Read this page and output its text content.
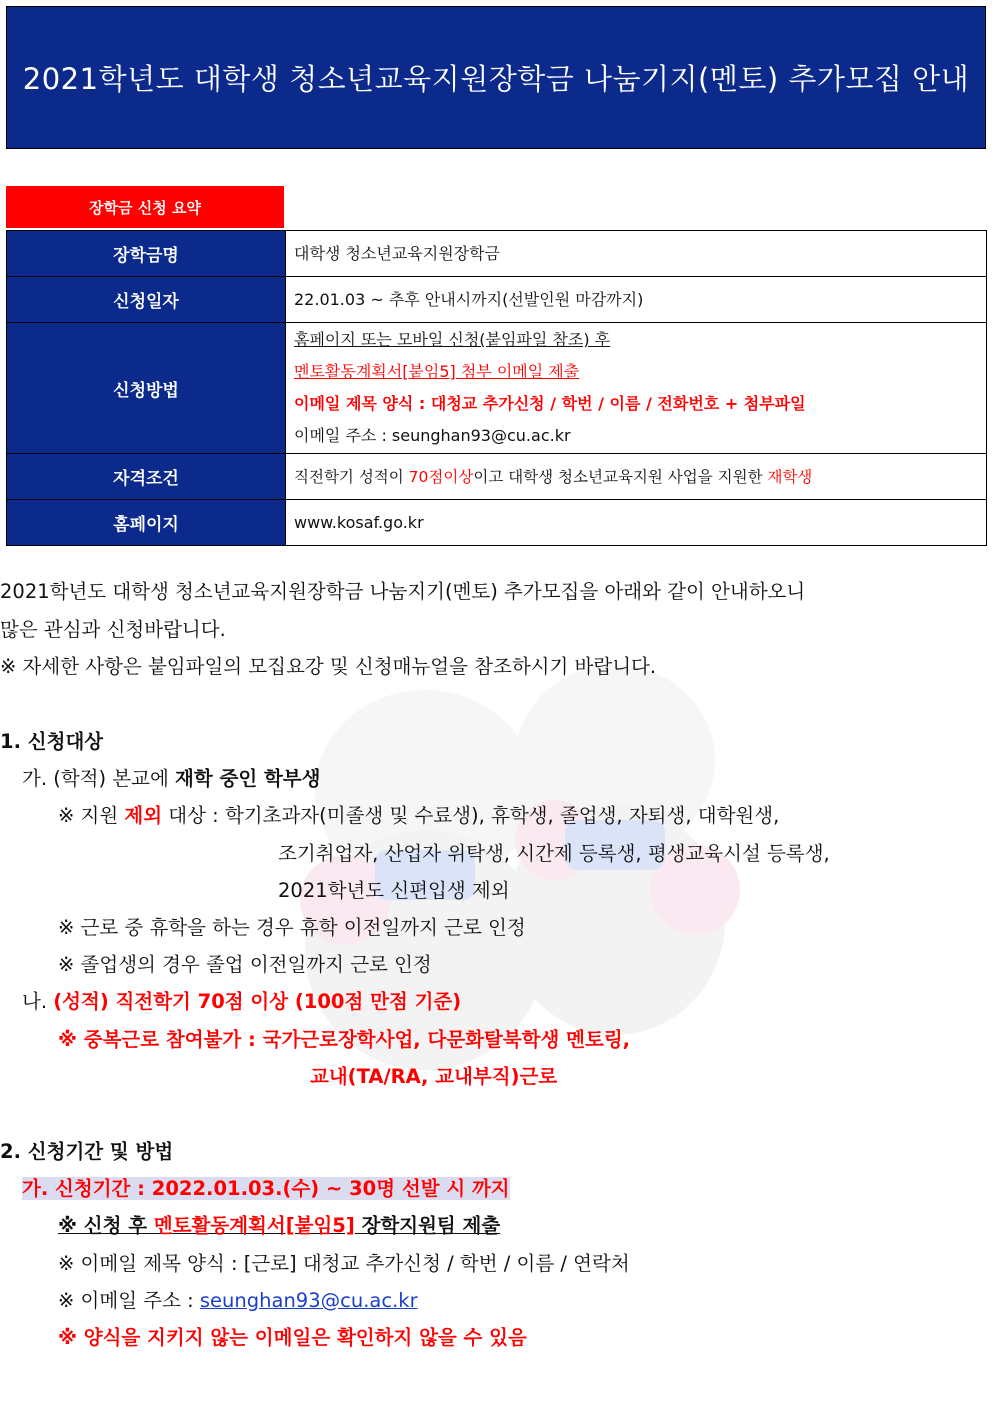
2021학년도 대학생 청소년교육지원장학금 나눔기지(멘토) 추가모집 안내
장학금 신청 요약
장학금명	대학생 청소년교육지원장학금
신청일자	22.01.03 ~ 추후 안내시까지(선발인원 마감까지)
신청방법	홈페이지 또는 모바일 신청(붙임파일 참조) 후
멘토활동계획서[붙임5] 첨부 이메일 제출
이메일 제목 양식 : 대청교 추가신청 / 학번 / 이름 / 전화번호 + 첨부파일
이메일 주소 : seunghan93@cu.ac.kr

자격조건	직전학기 성적이 70점이상이고 대학생 청소년교육지원 사업을 지원한 재학생
홈페이지	www.kosaf.go.kr
2021학년도 대학생 청소년교육지원장학금 나눔지기(멘토) 추가모집을 아래와 같이 안내하오니
많은 관심과 신청바랍니다.
※ 자세한 사항은 붙임파일의 모집요강 및 신청매뉴얼을 참조하시기 바랍니다.
1. 신청대상
가. (학적) 본교에 재학 중인 학부생
※ 지원 제외 대상 : 학기초과자(미졸생 및 수료생), 휴학생, 졸업생, 자퇴생, 대학원생,
조기취업자, 산업자 위탁생, 시간제 등록생, 평생교육시설 등록생,
2021학년도 신편입생 제외
※ 근로 중 휴학을 하는 경우 휴학 이전일까지 근로 인정
※ 졸업생의 경우 졸업 이전일까지 근로 인정
나. (성적) 직전학기 70점 이상 (100점 만점 기준)
※ 중복근로 참여불가 : 국가근로장학사업, 다문화탈북학생 멘토링,
교내(TA/RA, 교내부직)근로
2. 신청기간 및 방법
가. 신청기간 : 2022.01.03.(수) ~ 30명 선발 시 까지
※ 신청 후 멘토활동계획서[붙임5] 장학지원팀 제출
※ 이메일 제목 양식 : [근로] 대청교 추가신청 / 학번 / 이름 / 연락처
※ 이메일 주소 : seunghan93@cu.ac.kr
※ 양식을 지키지 않는 이메일은 확인하지 않을 수 있음
